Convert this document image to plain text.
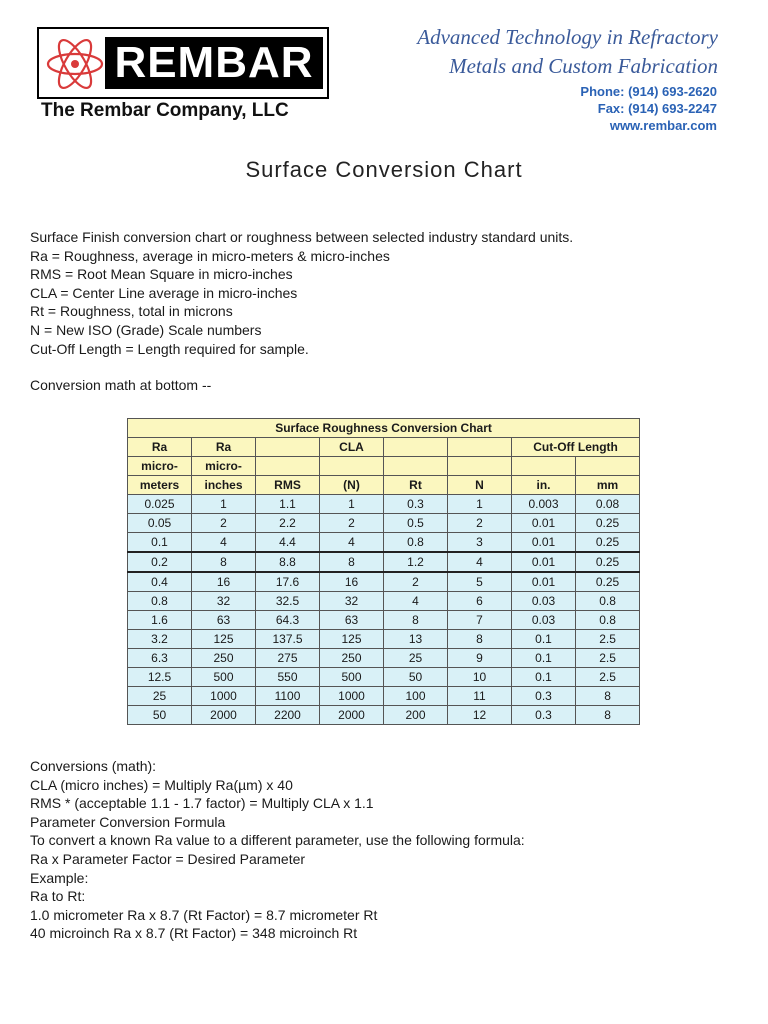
REMBAR
The Rembar Company, LLC
Advanced Technology in Refractory
Metals and Custom Fabrication
Phone: (914) 693-2620
Fax: (914) 693-2247
www.rembar.com
Surface Conversion Chart
Surface Finish conversion chart or roughness between selected industry standard units.
Ra = Roughness, average in micro-meters & micro-inches
RMS = Root Mean Square in micro-inches
CLA = Center Line average in micro-inches
Rt = Roughness, total in microns
N = New ISO (Grade) Scale numbers
Cut-Off Length = Length required for sample.
Conversion math at bottom --
Surface Roughness Conversion Chart							
Ra	Ra		CLA			Cut-Off Length	
micro-	micro-						
meters	inches	RMS	(N)	Rt	N	in.	mm
0.025	1	1.1	1	0.3	1	0.003	0.08
0.05	2	2.2	2	0.5	2	0.01	0.25
0.1	4	4.4	4	0.8	3	0.01	0.25
0.2	8	8.8	8	1.2	4	0.01	0.25
0.4	16	17.6	16	2	5	0.01	0.25
0.8	32	32.5	32	4	6	0.03	0.8
1.6	63	64.3	63	8	7	0.03	0.8
3.2	125	137.5	125	13	8	0.1	2.5
6.3	250	275	250	25	9	0.1	2.5
12.5	500	550	500	50	10	0.1	2.5
25	1000	1100	1000	100	11	0.3	8
50	2000	2200	2000	200	12	0.3	8
Conversions (math):
CLA (micro inches) = Multiply Ra(µm) x 40
RMS * (acceptable 1.1 - 1.7 factor) = Multiply CLA x 1.1
Parameter Conversion Formula
To convert a known Ra value to a different parameter, use the following formula:
Ra x Parameter Factor = Desired Parameter
Example:
Ra to Rt:
1.0 micrometer Ra x 8.7 (Rt Factor) = 8.7 micrometer Rt
40 microinch Ra x 8.7 (Rt Factor) = 348 microinch Rt
